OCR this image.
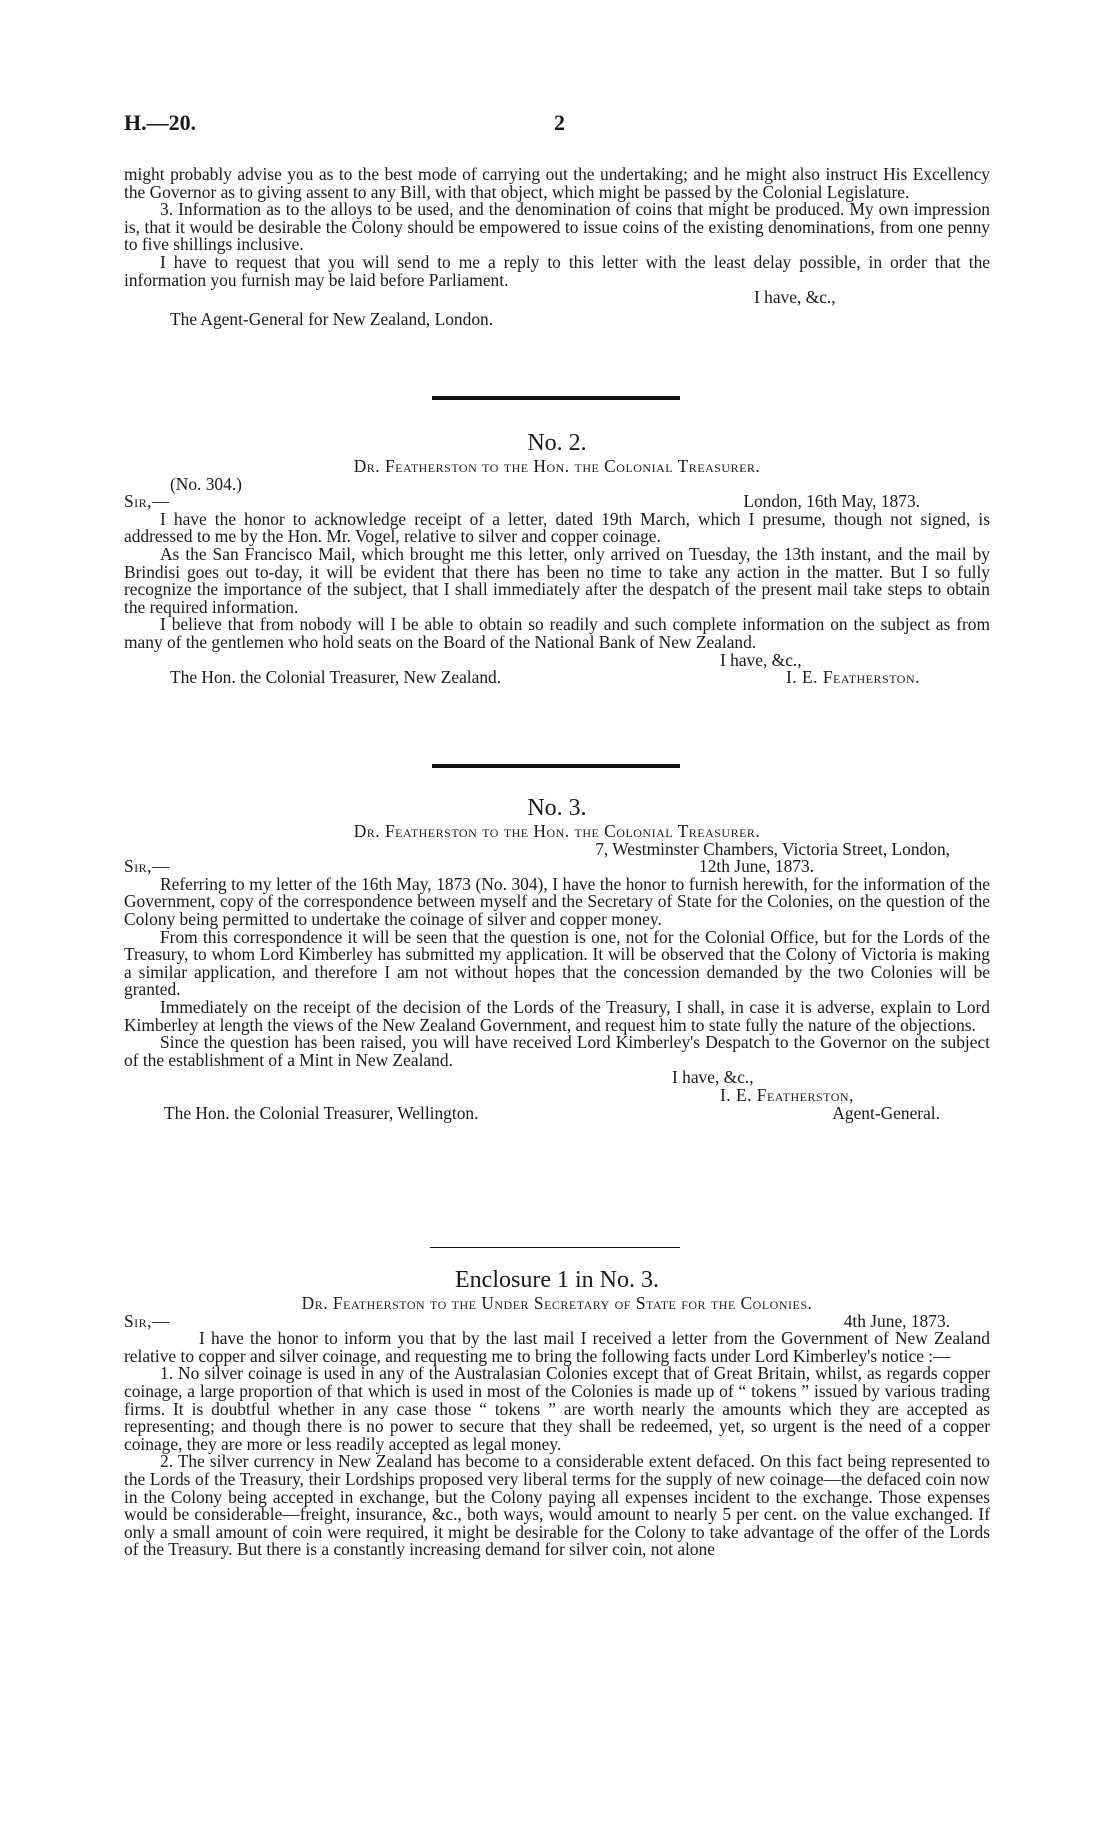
H.—20.	2
might probably advise you as to the best mode of carrying out the undertaking; and he might also instruct His Excellency the Governor as to giving assent to any Bill, with that object, which might be passed by the Colonial Legislature.
3. Information as to the alloys to be used, and the denomination of coins that might be produced. My own impression is, that it would be desirable the Colony should be empowered to issue coins of the existing denominations, from one penny to five shillings inclusive.
I have to request that you will send to me a reply to this letter with the least delay possible, in order that the information you furnish may be laid before Parliament.
I have, &c.,
The Agent-General for New Zealand, London.
No. 2.
Dr. Featherston to the Hon. the Colonial Treasurer.
(No. 304.)
Sir,—	London, 16th May, 1873.
I have the honor to acknowledge receipt of a letter, dated 19th March, which I presume, though not signed, is addressed to me by the Hon. Mr. Vogel, relative to silver and copper coinage.
As the San Francisco Mail, which brought me this letter, only arrived on Tuesday, the 13th instant, and the mail by Brindisi goes out to-day, it will be evident that there has been no time to take any action in the matter. But I so fully recognize the importance of the subject, that I shall immediately after the despatch of the present mail take steps to obtain the required information.
I believe that from nobody will I be able to obtain so readily and such complete information on the subject as from many of the gentlemen who hold seats on the Board of the National Bank of New Zealand.
I have, &c.,
The Hon. the Colonial Treasurer, New Zealand.	I. E. Featherston.
No. 3.
Dr. Featherston to the Hon. the Colonial Treasurer.
7, Westminster Chambers, Victoria Street, London,
Sir,—	12th June, 1873.
Referring to my letter of the 16th May, 1873 (No. 304), I have the honor to furnish herewith, for the information of the Government, copy of the correspondence between myself and the Secretary of State for the Colonies, on the question of the Colony being permitted to undertake the coinage of silver and copper money.
From this correspondence it will be seen that the question is one, not for the Colonial Office, but for the Lords of the Treasury, to whom Lord Kimberley has submitted my application. It will be observed that the Colony of Victoria is making a similar application, and therefore I am not without hopes that the concession demanded by the two Colonies will be granted.
Immediately on the receipt of the decision of the Lords of the Treasury, I shall, in case it is adverse, explain to Lord Kimberley at length the views of the New Zealand Government, and request him to state fully the nature of the objections.
Since the question has been raised, you will have received Lord Kimberley's Despatch to the Governor on the subject of the establishment of a Mint in New Zealand.
I have, &c.,
I. E. Featherston,
The Hon. the Colonial Treasurer, Wellington.	Agent-General.
Enclosure 1 in No. 3.
Dr. Featherston to the Under Secretary of State for the Colonies.
Sir,—	4th June, 1873.
I have the honor to inform you that by the last mail I received a letter from the Government of New Zealand relative to copper and silver coinage, and requesting me to bring the following facts under Lord Kimberley's notice :—
1. No silver coinage is used in any of the Australasian Colonies except that of Great Britain, whilst, as regards copper coinage, a large proportion of that which is used in most of the Colonies is made up of “ tokens ” issued by various trading firms. It is doubtful whether in any case those “ tokens ” are worth nearly the amounts which they are accepted as representing; and though there is no power to secure that they shall be redeemed, yet, so urgent is the need of a copper coinage, they are more or less readily accepted as legal money.
2. The silver currency in New Zealand has become to a considerable extent defaced. On this fact being represented to the Lords of the Treasury, their Lordships proposed very liberal terms for the supply of new coinage—the defaced coin now in the Colony being accepted in exchange, but the Colony paying all expenses incident to the exchange. Those expenses would be considerable—freight, insurance, &c., both ways, would amount to nearly 5 per cent. on the value exchanged. If only a small amount of coin were required, it might be desirable for the Colony to take advantage of the offer of the Lords of the Treasury. But there is a constantly increasing demand for silver coin, not alone
